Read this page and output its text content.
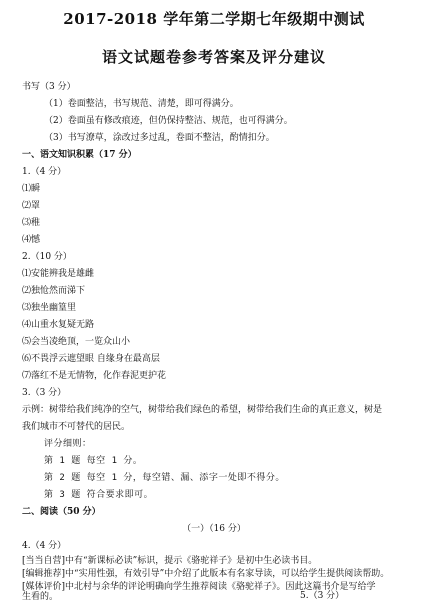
2017-2018 学年第二学期七年级期中测试
语文试题卷参考答案及评分建议
书写（3 分）
（1）卷面整洁，书写规范、清楚，即可得满分。
（2）卷面虽有修改痕迹，但仍保持整洁、规范，也可得满分。
（3）书写潦草，涂改过多过乱，卷面不整洁，酌情扣分。
一、语文知识积累（17 分）
1.（4 分）
⑴瞬
⑵罩
⑶稚
⑷憾
2.（10 分）
⑴安能辨我是雄雌
⑵独怆然而涕下
⑶独坐幽篁里
⑷山重水复疑无路
⑸会当凌绝顶，一览众山小
⑹不畏浮云遮望眼 自缘身在最高层
⑺落红不是无情物，化作春泥更护花
3.（3 分）
示例：树带给我们纯净的空气，树带给我们绿色的希望，树带给我们生命的真正意义，树是
我们城市不可替代的居民。
评分细则：
第 1 题 每空 1 分。
第 2 题 每空 1 分，每空错、漏、添字一处即不得分。
第 3 题 符合要求即可。
二、阅读（50 分）
（一）（16 分）
4.（4 分）
[当当自营]中有“新课标必读”标识，提示《骆驼祥子》是初中生必读书目。
[编辑推荐]中“实用性强，有效引导”中介绍了此版本有名家导读，可以给学生提供阅读帮助。
[媒体评价]中北村与余华的评论明确向学生推荐阅读《骆驼祥子》。因此这篇书介是写给学
生看的。	5.（3 分）
